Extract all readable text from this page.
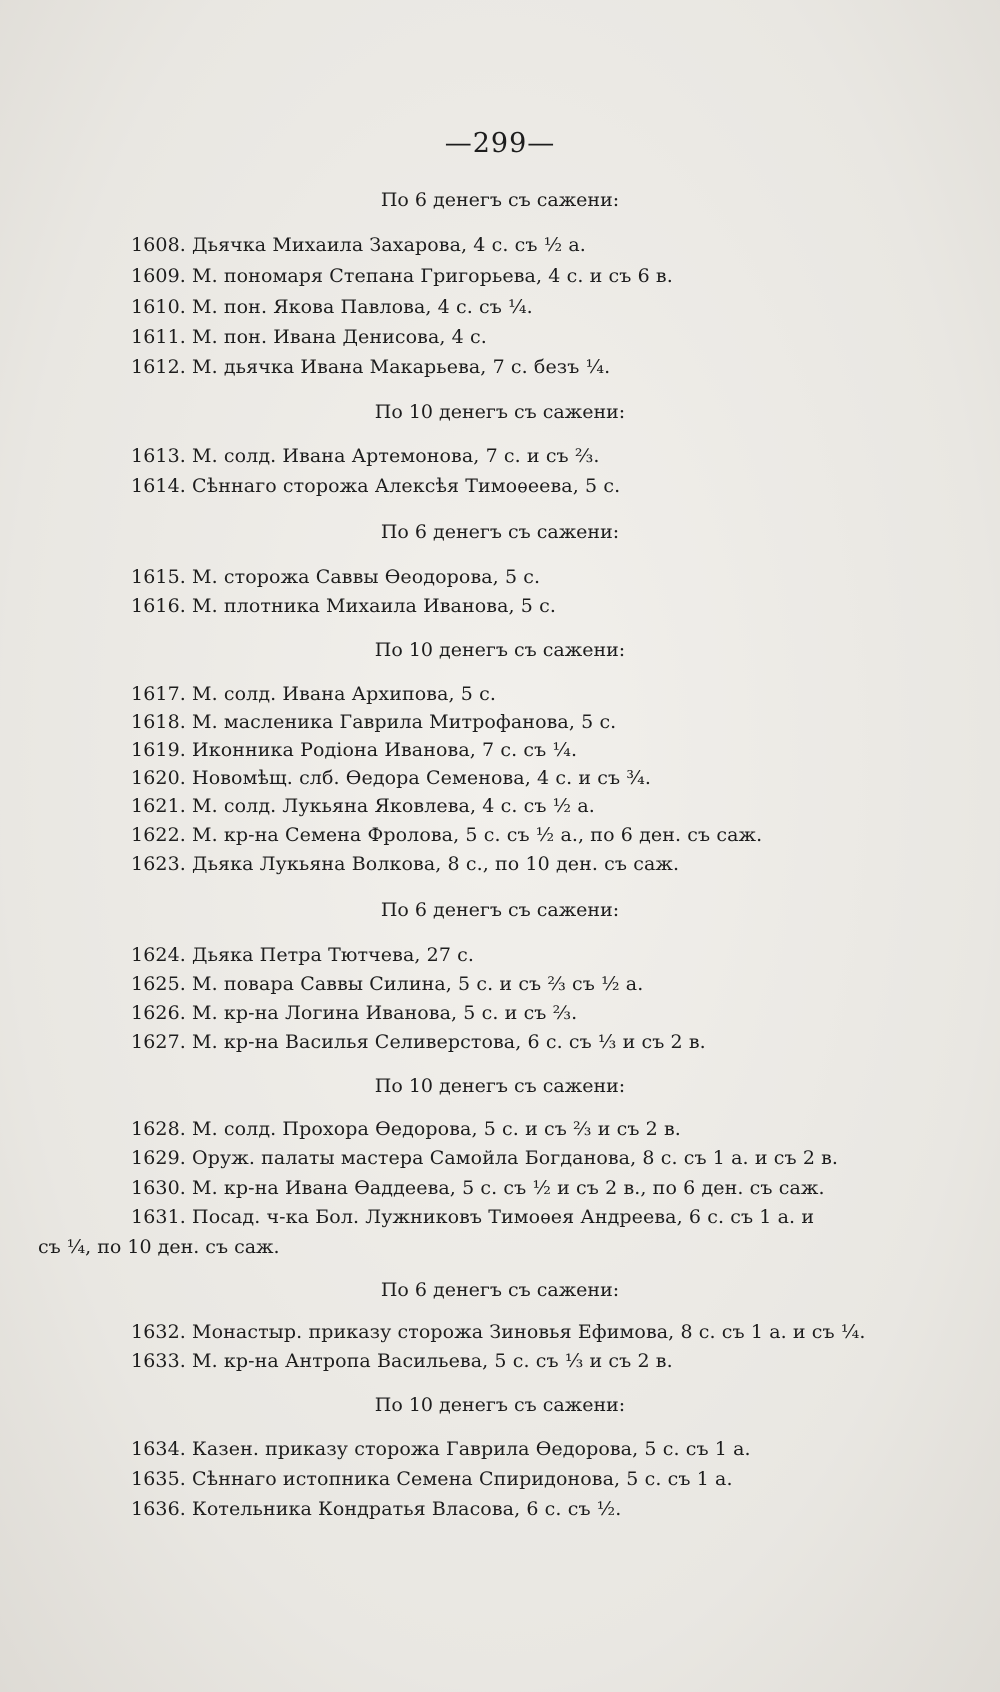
—299—
По 6 денегъ съ сажени:
1608. Дьячка Михаила Захарова, 4 с. съ ½ а.
1609. М. пономаря Степана Григорьева, 4 с. и съ 6 в.
1610. М. пон. Якова Павлова, 4 с. съ ¼.
1611. М. пон. Ивана Денисова, 4 с.
1612. М. дьячка Ивана Макарьева, 7 с. безъ ¼.
По 10 денегъ съ сажени:
1613. М. солд. Ивана Артемонова, 7 с. и съ ⅔.
1614. Сѣннаго сторожа Алексѣя Тимоѳеева, 5 с.
По 6 денегъ съ сажени:
1615. М. сторожа Саввы Ѳеодорова, 5 с.
1616. М. плотника Михаила Иванова, 5 с.
По 10 денегъ съ сажени:
1617. М. солд. Ивана Архипова, 5 с.
1618. М. масленика Гаврила Митрофанова, 5 с.
1619. Иконника Родіона Иванова, 7 с. съ ¼.
1620. Новомѣщ. слб. Ѳедора Семенова, 4 с. и съ ¾.
1621. М. солд. Лукьяна Яковлева, 4 с. съ ½ а.
1622. М. кр-на Семена Фролова, 5 с. съ ½ а., по 6 ден. съ саж.
1623. Дьяка Лукьяна Волкова, 8 с., по 10 ден. съ саж.
По 6 денегъ съ сажени:
1624. Дьяка Петра Тютчева, 27 с.
1625. М. повара Саввы Силина, 5 с. и съ ⅔ съ ½ а.
1626. М. кр-на Логина Иванова, 5 с. и съ ⅔.
1627. М. кр-на Василья Селиверстова, 6 с. съ ⅓ и съ 2 в.
По 10 денегъ съ сажени:
1628. М. солд. Прохора Ѳедорова, 5 с. и съ ⅔ и съ 2 в.
1629. Оруж. палаты мастера Самойла Богданова, 8 с. съ 1 а. и съ 2 в.
1630. М. кр-на Ивана Ѳаддеева, 5 с. съ ½ и съ 2 в., по 6 ден. съ саж.
1631. Посад. ч-ка Бол. Лужниковъ Тимоѳея Андреева, 6 с. съ 1 а. и
съ ¼, по 10 ден. съ саж.
По 6 денегъ съ сажени:
1632. Монастыр. приказу сторожа Зиновья Ефимова, 8 с. съ 1 а. и съ ¼.
1633. М. кр-на Антропа Васильева, 5 с. съ ⅓ и съ 2 в.
По 10 денегъ съ сажени:
1634. Казен. приказу сторожа Гаврила Ѳедорова, 5 с. съ 1 а.
1635. Сѣннаго истопника Семена Спиридонова, 5 с. съ 1 а.
1636. Котельника Кондратья Власова, 6 с. съ ½.
